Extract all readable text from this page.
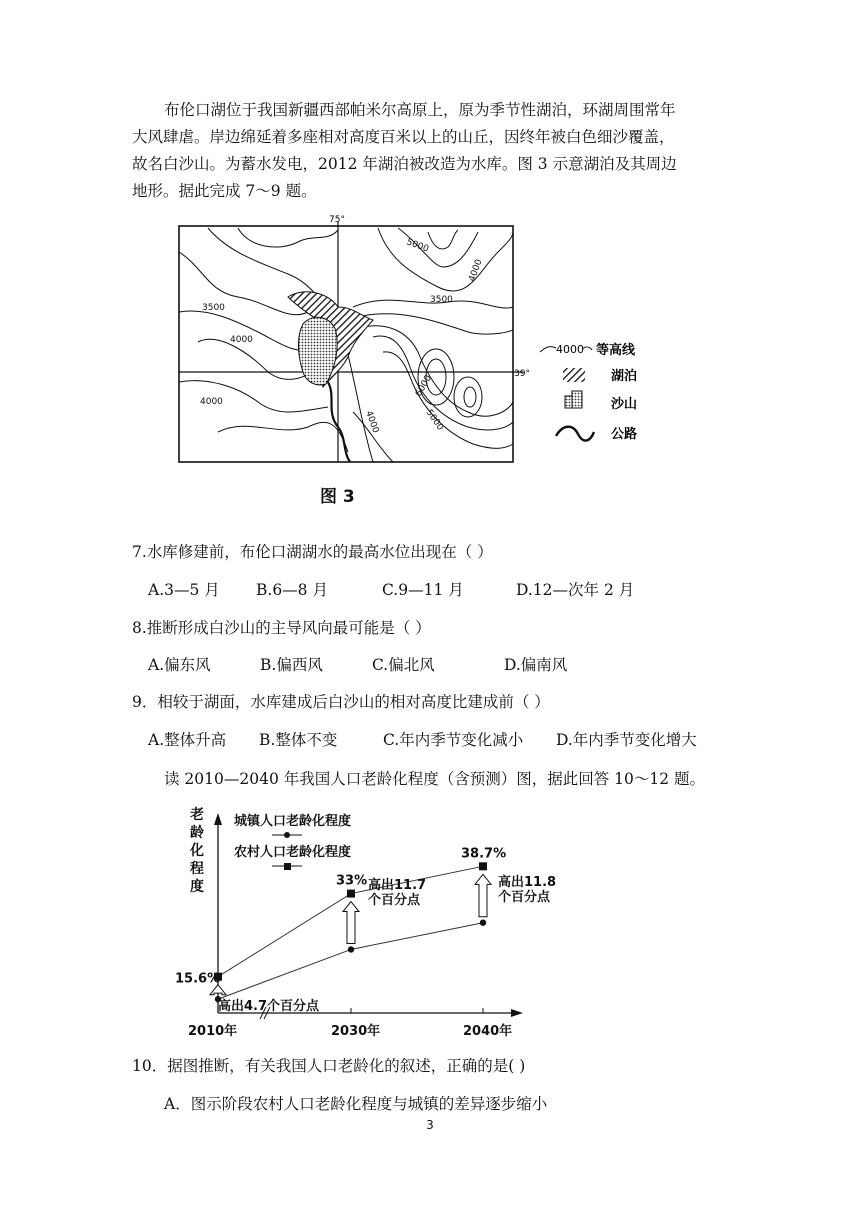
布伦口湖位于我国新疆西部帕米尔高原上，原为季节性湖泊，环湖周围常年
大风肆虐。岸边绵延着多座相对高度百米以上的山丘，因终年被白色细沙覆盖，
故名白沙山。为蓄水发电，2012 年湖泊被改造为水库。图 3 示意湖泊及其周边
地形。据此完成 7～9 题。
75°
39°
5000
4000
3500
3500
4000
4000
6000
5000
4000
4000 等高线
湖泊
沙山
公路
图 3
7.水库修建前，布伦口湖湖水的最高水位出现在（ ）
A.3—5 月	B.6—8 月	C.9—11 月	D.12—次年 2 月
8.推断形成白沙山的主导风向最可能是（ ）
A.偏东风	B.偏西风	C.偏北风	D.偏南风
9．相较于湖面，水库建成后白沙山的相对高度比建成前（ ）
A.整体升高	B.整体不变	C.年内季节变化减小	D.年内季节变化增大
读 2010—2040 年我国人口老龄化程度（含预测）图，据此回答 10～12 题。
老龄化程度
城镇人口老龄化程度
农村人口老龄化程度
15.6%
33%
38.7%
高出4.7个百分点
高出11.7
个百分点
高出11.8
个百分点
2010年	2030年	2040年
10．据图推断，有关我国人口老龄化的叙述，正确的是( )
A．图示阶段农村人口老龄化程度与城镇的差异逐步缩小
3
